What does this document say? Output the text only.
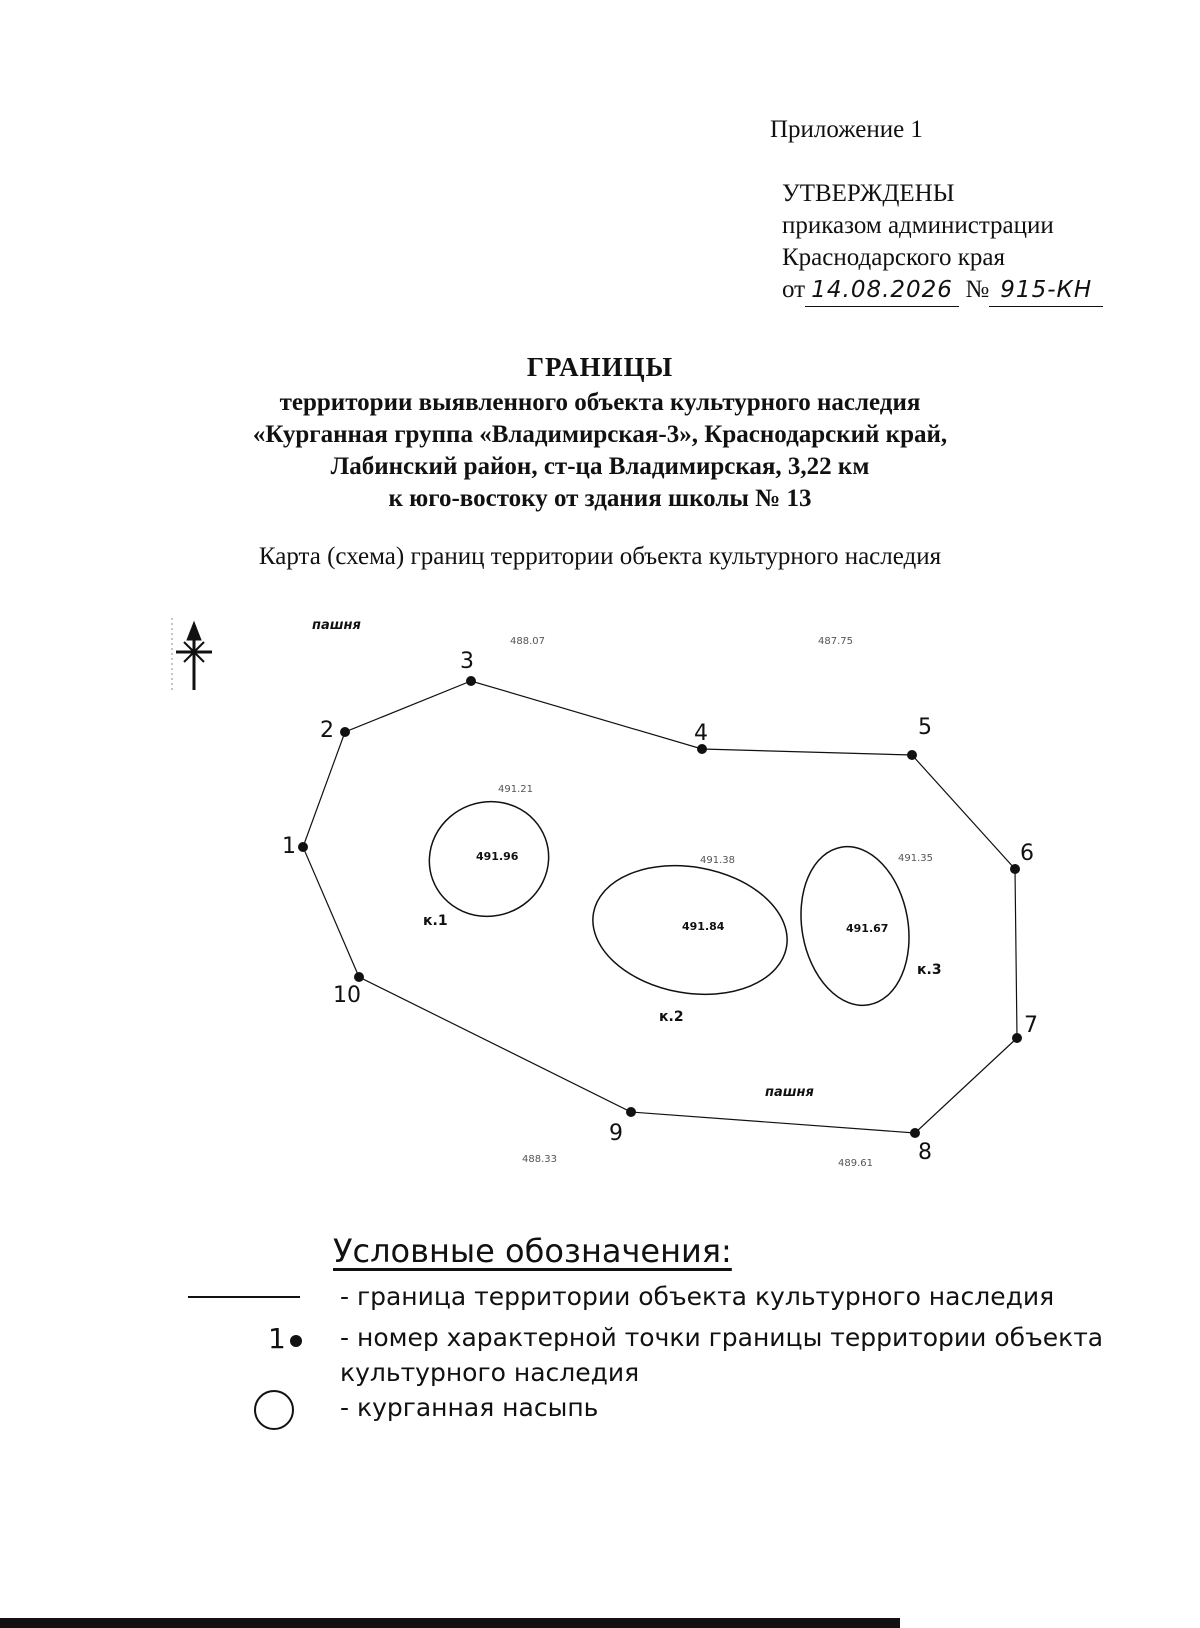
Приложение 1
УТВЕРЖДЕНЫ
приказом администрации
Краснодарского края
от 14.08.2026 № 915-КН
ГРАНИЦЫ
территории выявленного объекта культурного наследия
«Курганная группа «Владимирская-3», Краснодарский край,
Лабинский район, ст-ца Владимирская, 3,22 км
к юго-востоку от здания школы № 13
Карта (схема) границ территории объекта культурного наследия
1
2
3
4	5
6
7
8
9
10
к.1
к.2
к.3
491.96
491.84	491.67
488.07	487.75
491.21
491.38	491.35
488.33	489.61
пашня
пашня
Условные обозначения:
- граница территории объекта культурного наследия
1 - номер характерной точки границы территории объекта
культурного наследия
- курганная насыпь
